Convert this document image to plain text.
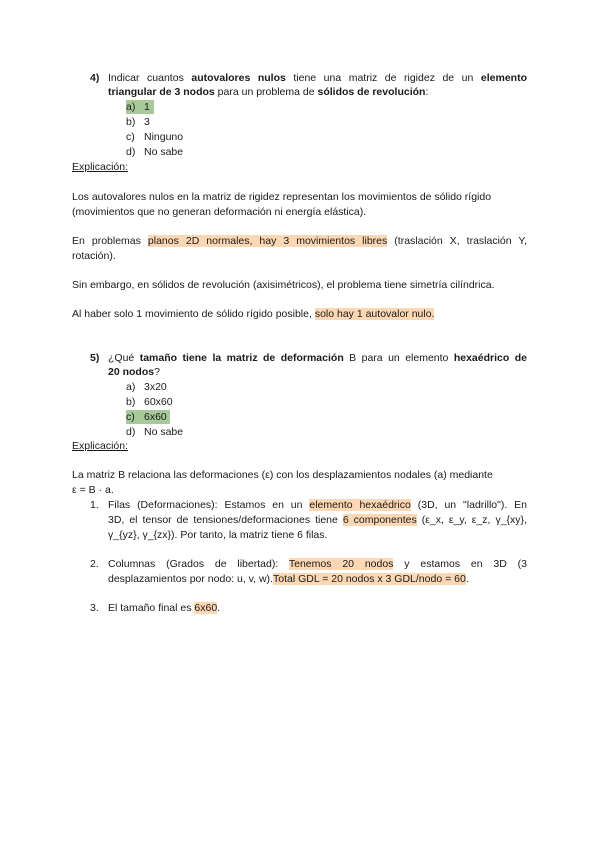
4) Indicar cuantos autovalores nulos tiene una matriz de rigidez de un elemento
triangular de 3 nodos para un problema de sólidos de revolución:
a) 1
b) 3
c) Ninguno
d) No sabe
Explicación:
Los autovalores nulos en la matriz de rigidez representan los movimientos de sólido rígido
(movimientos que no generan deformación ni energía elástica).
En problemas planos 2D normales, hay 3 movimientos libres (traslación X, traslación Y,
rotación).
Sin embargo, en sólidos de revolución (axisimétricos), el problema tiene simetría cilíndrica.
Al haber solo 1 movimiento de sólido rígido posible, solo hay 1 autovalor nulo.
5) ¿Qué tamaño tiene la matriz de deformación B para un elemento hexaédrico de
20 nodos?
a) 3x20
b) 60x60
c) 6x60
d) No sabe
Explicación:
La matriz B relaciona las deformaciones (ε) con los desplazamientos nodales (a) mediante
ε = B · a.
1. Filas (Deformaciones): Estamos en un elemento hexaédrico (3D, un "ladrillo"). En
3D, el tensor de tensiones/deformaciones tiene 6 componentes (ε_x, ε_y, ε_z, γ_{xy},
γ_{yz}, γ_{zx}). Por tanto, la matriz tiene 6 filas.
2. Columnas (Grados de libertad): Tenemos 20 nodos y estamos en 3D (3
desplazamientos por nodo: u, v, w).Total GDL = 20 nodos x 3 GDL/nodo = 60.
3. El tamaño final es 6x60.
